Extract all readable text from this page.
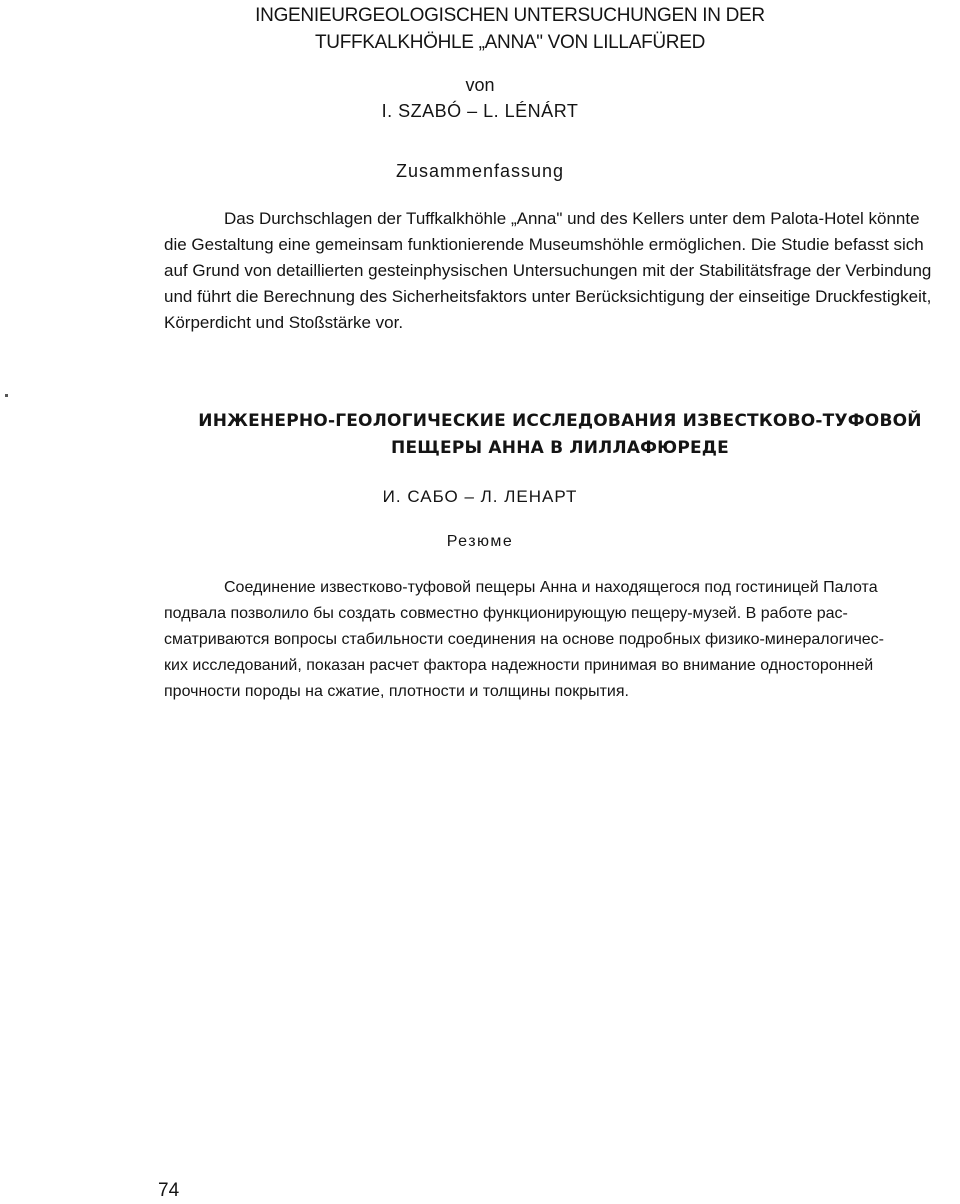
INGENIEURGEOLOGISCHEN UNTERSUCHUNGEN IN DER
TUFFKALKHÖHLE „ANNA" VON LILLAFÜRED
von
I. SZABÓ – L. LÉNÁRT
Zusammenfassung
Das Durchschlagen der Tuffkalkhöhle „Anna" und des Kellers unter dem Palota-Hotel könnte
die Gestaltung eine gemeinsam funktionierende Museumshöhle ermöglichen. Die Studie befasst sich
auf Grund von detaillierten gesteinphysischen Untersuchungen mit der Stabilitätsfrage der Verbindung
und führt die Berechnung des Sicherheitsfaktors unter Berücksichtigung der einseitige Druckfestigkeit,
Körperdicht und Stoßstärke vor.
ИНЖЕНЕРНО-ГЕОЛОГИЧЕСКИЕ ИССЛЕДОВАНИЯ ИЗВЕСТКОВО-ТУФОВОЙ
ПЕЩЕРЫ АННА В ЛИЛЛАФЮРЕДЕ
И. САБО – Л. ЛЕНАРТ
Резюме
Соединение известково-туфовой пещеры Анна и находящегося под гостиницей Палота
подвала позволило бы создать совместно функционирующую пещеру-музей. В работе рас-
сматриваются вопросы стабильности соединения на основе подробных физико-минералогичес-
ких исследований, показан расчет фактора надежности принимая во внимание односторонней
прочности породы на сжатие, плотности и толщины покрытия.
74
